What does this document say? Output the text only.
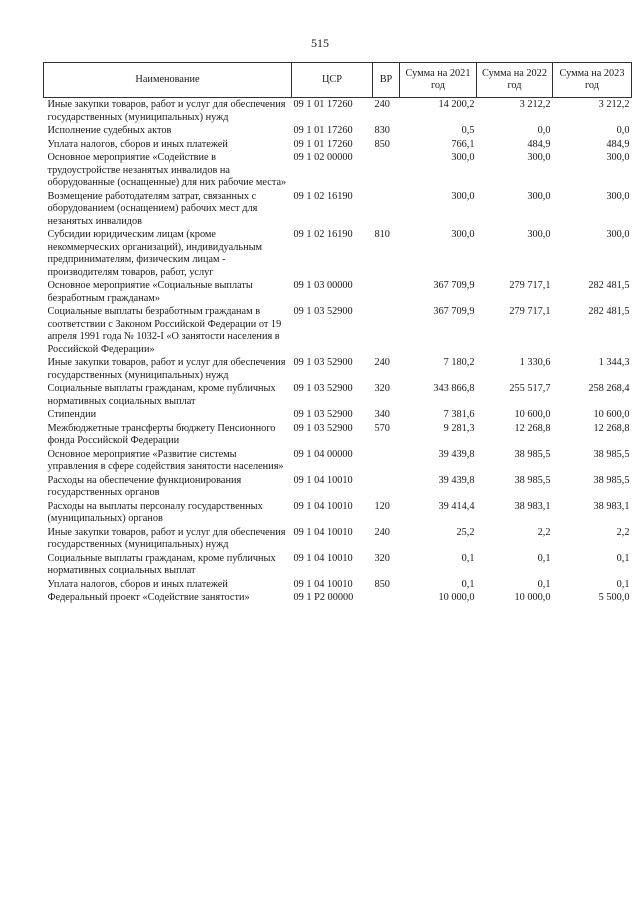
515
Наименование	ЦСР	ВР	Сумма на 2021 год	Сумма на 2022 год	Сумма на 2023 год
Иные закупки товаров, работ и услуг для обеспечения государственных (муниципальных) нужд	09 1 01 17260	240	14 200,2	3 212,2	3 212,2
Исполнение судебных актов	09 1 01 17260	830	0,5	0,0	0,0
Уплата налогов, сборов и иных платежей	09 1 01 17260	850	766,1	484,9	484,9
Основное мероприятие «Содействие в трудоустройстве незанятых инвалидов на оборудованные (оснащенные) для них рабочие места»	09 1 02 00000		300,0	300,0	300,0
Возмещение работодателям затрат, связанных с оборудованием (оснащением) рабочих мест для незанятых инвалидов	09 1 02 16190		300,0	300,0	300,0
Субсидии юридическим лицам (кроме некоммерческих организаций), индивидуальным предпринимателям, физическим лицам - производителям товаров, работ, услуг	09 1 02 16190	810	300,0	300,0	300,0
Основное мероприятие «Социальные выплаты безработным гражданам»	09 1 03 00000		367 709,9	279 717,1	282 481,5
Социальные выплаты безработным гражданам в соответствии с Законом Российской Федерации от 19 апреля 1991 года № 1032-I «О занятости населения в Российской Федерации»	09 1 03 52900		367 709,9	279 717,1	282 481,5
Иные закупки товаров, работ и услуг для обеспечения государственных (муниципальных) нужд	09 1 03 52900	240	7 180,2	1 330,6	1 344,3
Социальные выплаты гражданам, кроме публичных нормативных социальных выплат	09 1 03 52900	320	343 866,8	255 517,7	258 268,4
Стипендии	09 1 03 52900	340	7 381,6	10 600,0	10 600,0
Межбюджетные трансферты бюджету Пенсионного фонда Российской Федерации	09 1 03 52900	570	9 281,3	12 268,8	12 268,8
Основное мероприятие «Развитие системы управления в сфере содействия занятости населения»	09 1 04 00000		39 439,8	38 985,5	38 985,5
Расходы на обеспечение функционирования государственных органов	09 1 04 10010		39 439,8	38 985,5	38 985,5
Расходы на выплаты персоналу государственных (муниципальных) органов	09 1 04 10010	120	39 414,4	38 983,1	38 983,1
Иные закупки товаров, работ и услуг для обеспечения государственных (муниципальных) нужд	09 1 04 10010	240	25,2	2,2	2,2
Социальные выплаты гражданам, кроме публичных нормативных социальных выплат	09 1 04 10010	320	0,1	0,1	0,1
Уплата налогов, сборов и иных платежей	09 1 04 10010	850	0,1	0,1	0,1
Федеральный проект «Содействие занятости»	09 1 P2 00000		10 000,0	10 000,0	5 500,0
